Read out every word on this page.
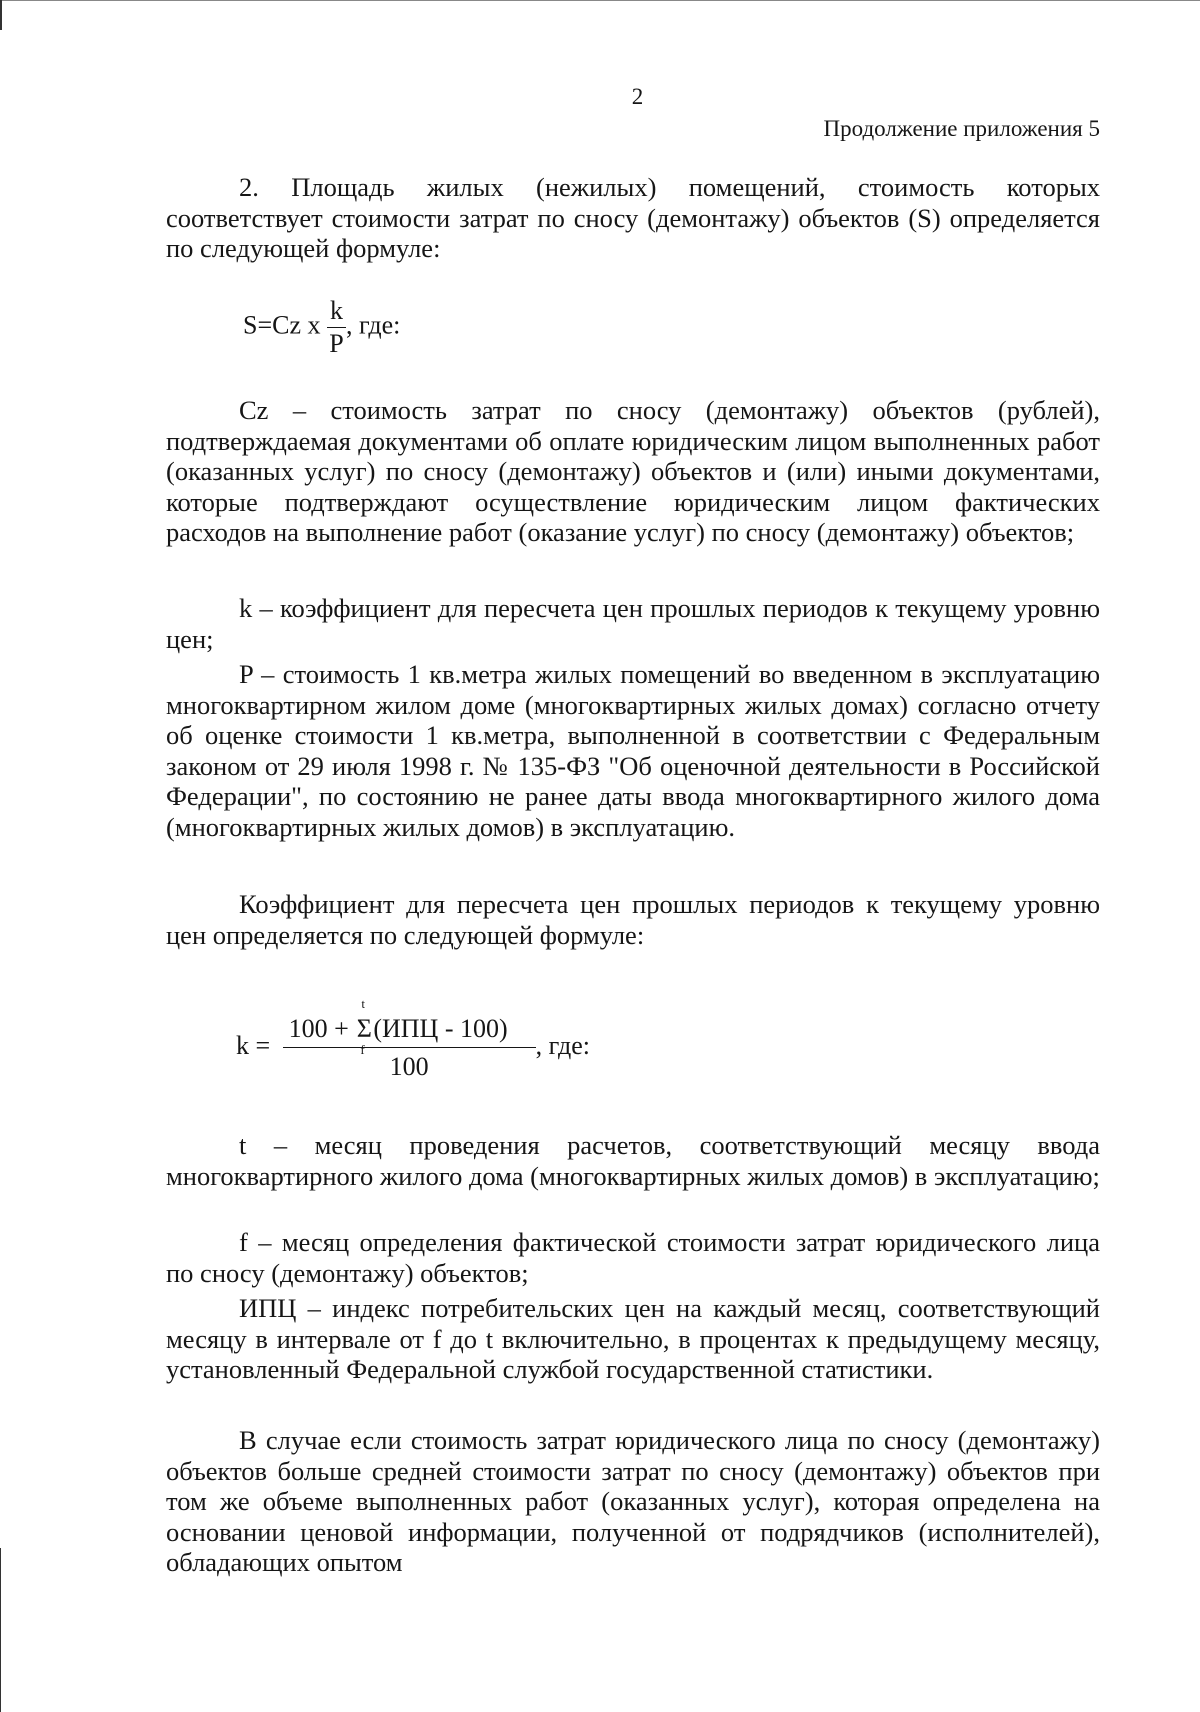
2
Продолжение приложения 5

2. Площадь жилых (нежилых) помещений, стоимость которых соответствует стоимости затрат по сносу (демонтажу) объектов (S) определяется по следующей формуле:

S=Cz x $\frac{k}{P}$ , где:

Cz – стоимость затрат по сносу (демонтажу) объектов (рублей), подтверждаемая документами об оплате юридическим лицом выполненных работ (оказанных услуг) по сносу (демонтажу) объектов и (или) иными документами, которые подтверждают осуществление юридическим лицом фактических расходов на выполнение работ (оказание услуг) по сносу (демонтажу) объектов;

k – коэффициент для пересчета цен прошлых периодов к текущему уровню цен;

P – стоимость 1 кв.метра жилых помещений во введенном в эксплуатацию многоквартирном жилом доме (многоквартирных жилых домах) согласно отчету об оценке стоимости 1 кв.метра, выполненной в соответствии с Федеральным законом от 29 июля 1998 г. № 135-ФЗ "Об оценочной деятельности в Российской Федерации", по состоянию не ранее даты ввода многоквартирного жилого дома (многоквартирных жилых домов) в эксплуатацию.

Коэффициент для пересчета цен прошлых периодов к текущему уровню цен определяется по следующей формуле:

k =
100 +
t
Σ
f
(ИПЦ - 100)
100
, где:

t – месяц проведения расчетов, соответствующий месяцу ввода многоквартирного жилого дома (многоквартирных жилых домов) в эксплуатацию;

f – месяц определения фактической стоимости затрат юридического лица по сносу (демонтажу) объектов;

ИПЦ – индекс потребительских цен на каждый месяц, соответствующий месяцу в интервале от f до t включительно, в процентах к предыдущему месяцу, установленный Федеральной службой государственной статистики.

В случае если стоимость затрат юридического лица по сносу (демонтажу) объектов больше средней стоимости затрат по сносу (демонтажу) объектов при том же объеме выполненных работ (оказанных услуг), которая определена на основании ценовой информации, полученной от подрядчиков (исполнителей), обладающих опытом
